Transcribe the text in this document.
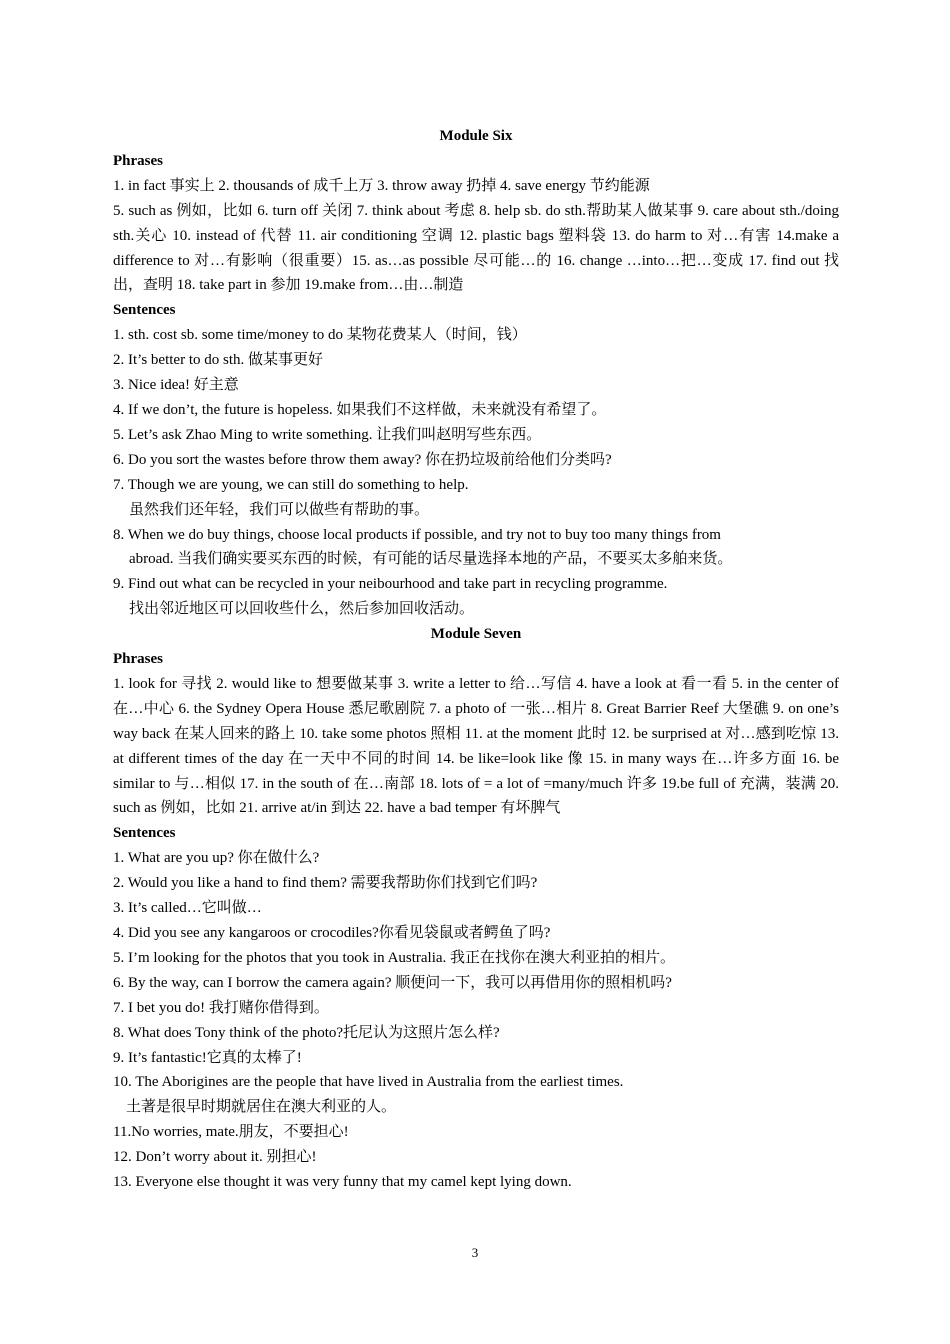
Module Six
Phrases
1. in fact 事实上 2. thousands of 成千上万 3. throw away 扔掉 4. save energy 节约能源
5. such as 例如，比如 6. turn off 关闭 7. think about 考虑 8. help sb. do sth.帮助某人做某事 9. care about sth./doing sth.关心 10. instead of 代替 11. air conditioning 空调 12. plastic bags 塑料袋 13. do harm to 对…有害 14.make a difference to 对…有影响（很重要）15. as…as possible 尽可能…的 16. change …into…把…变成 17. find out 找出，查明 18. take part in 参加 19.make from…由…制造
Sentences
1. sth. cost sb. some time/money to do 某物花费某人（时间，钱）
2. It’s better to do sth. 做某事更好
3. Nice idea! 好主意
4. If we don’t, the future is hopeless. 如果我们不这样做，未来就没有希望了。
5. Let’s ask Zhao Ming to write something. 让我们叫赵明写些东西。
6. Do you sort the wastes before throw them away? 你在扔垃圾前给他们分类吗?
7. Though we are young, we can still do something to help.
虽然我们还年轻，我们可以做些有帮助的事。
8. When we do buy things, choose local products if possible, and try not to buy too many things from
abroad. 当我们确实要买东西的时候，有可能的话尽量选择本地的产品，不要买太多舶来货。
9. Find out what can be recycled in your neibourhood and take part in recycling programme.
找出邻近地区可以回收些什么，然后参加回收活动。
Module Seven
Phrases
1. look for 寻找 2. would like to 想要做某事 3. write a letter to 给…写信 4. have a look at 看一看 5. in the center of 在…中心 6. the Sydney Opera House 悉尼歌剧院 7. a photo of 一张…相片 8. Great Barrier Reef 大堡礁 9. on one’s way back 在某人回来的路上 10. take some photos 照相 11. at the moment 此时 12. be surprised at 对…感到吃惊 13. at different times of the day 在一天中不同的时间 14. be like=look like 像 15. in many ways 在…许多方面 16. be similar to 与…相似 17. in the south of 在…南部 18. lots of = a lot of =many/much 许多 19.be full of 充满，装满 20. such as 例如，比如 21. arrive at/in 到达 22. have a bad temper 有坏脾气
Sentences
1. What are you up? 你在做什么?
2. Would you like a hand to find them? 需要我帮助你们找到它们吗?
3. It’s called…它叫做…
4. Did you see any kangaroos or crocodiles?你看见袋鼠或者鳄鱼了吗?
5. I’m looking for the photos that you took in Australia. 我正在找你在澳大利亚拍的相片。
6. By the way, can I borrow the camera again? 顺便问一下，我可以再借用你的照相机吗?
7. I bet you do! 我打赌你借得到。
8. What does Tony think of the photo?托尼认为这照片怎么样?
9. It’s fantastic!它真的太棒了!
10. The Aborigines are the people that have lived in Australia from the earliest times.
土著是很早时期就居住在澳大利亚的人。
11.No worries, mate.朋友，不要担心!
12. Don’t worry about it. 别担心!
13. Everyone else thought it was very funny that my camel kept lying down.
3
